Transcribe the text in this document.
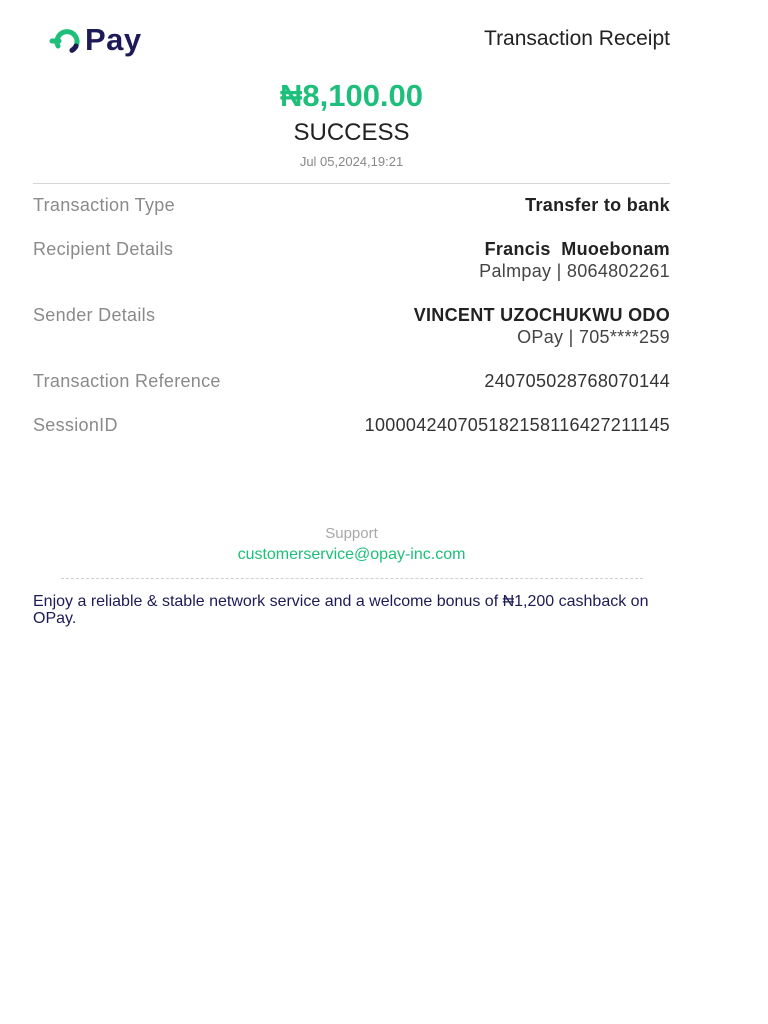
Pay	Transaction Receipt
₦8,100.00
SUCCESS
Jul 05,2024,19:21
Transaction Type	Transfer to bank
Recipient Details	Francis  Muoebonam
Palmpay | 8064802261
Sender Details	VINCENT UZOCHUKWU ODO
OPay | 705****259
Transaction Reference	240705028768070144
SessionID	100004240705182158116427211145
Support
customerservice@opay-inc.com
Enjoy a reliable & stable network service and a welcome bonus of ₦1,200 cashback on OPay.
